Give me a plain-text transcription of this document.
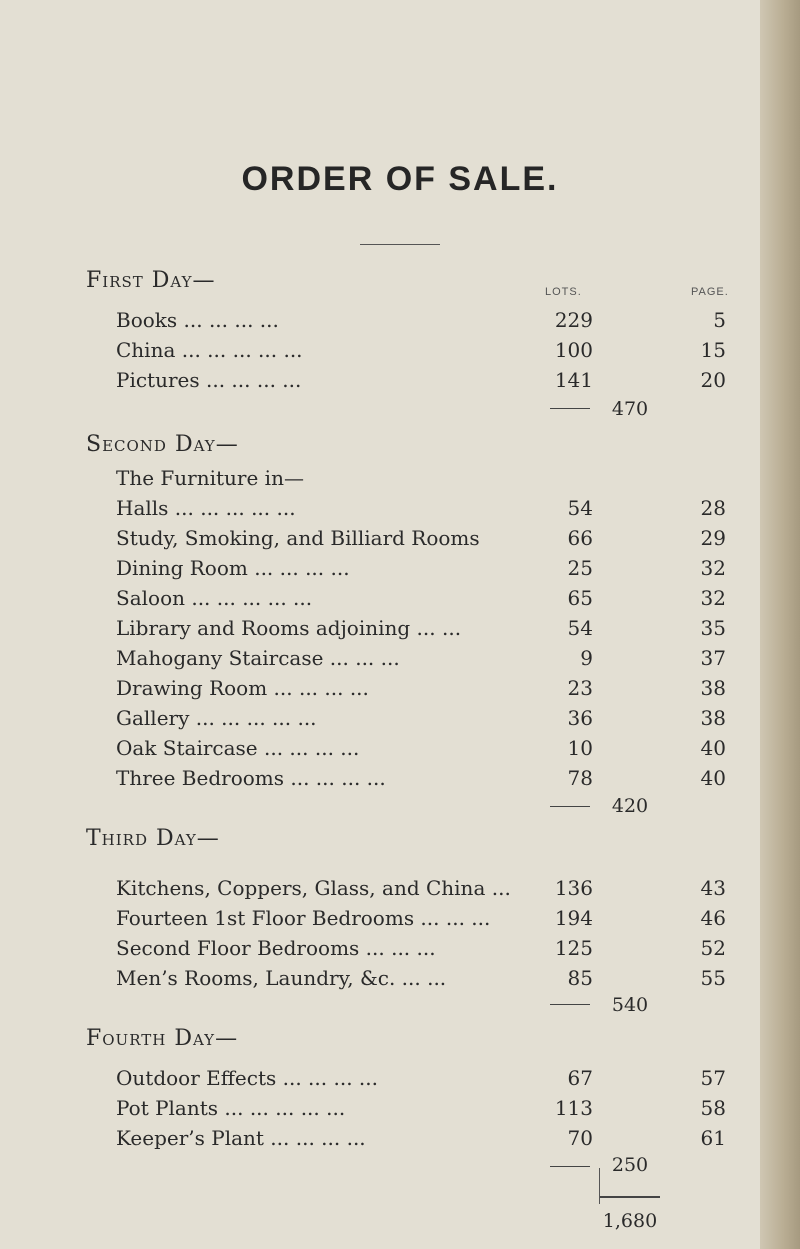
ORDER OF SALE.
LOTS.	PAGE.
First Day—
Books ... ... ... ...	229	5
China ... ... ... ... ...	100	15
Pictures ... ... ... ...	141	20
470
Second Day—
The Furniture in—
Halls ... ... ... ... ...	54	28
Study, Smoking, and Billiard Rooms	66	29
Dining Room ... ... ... ...	25	32
Saloon ... ... ... ... ...	65	32
Library and Rooms adjoining ... ...	54	35
Mahogany Staircase ... ... ...	9	37
Drawing Room ... ... ... ...	23	38
Gallery ... ... ... ... ...	36	38
Oak Staircase ... ... ... ...	10	40
Three Bedrooms ... ... ... ...	78	40
420
Third Day—
Kitchens, Coppers, Glass, and China ...	136	43
Fourteen 1st Floor Bedrooms ... ... ...	194	46
Second Floor Bedrooms ... ... ...	125	52
Men’s Rooms, Laundry, &c. ... ...	85	55
540
Fourth Day—
Outdoor Effects ... ... ... ...	67	57
Pot Plants ... ... ... ... ...	113	58
Keeper’s Plant ... ... ... ...	70	61
250
1,680
